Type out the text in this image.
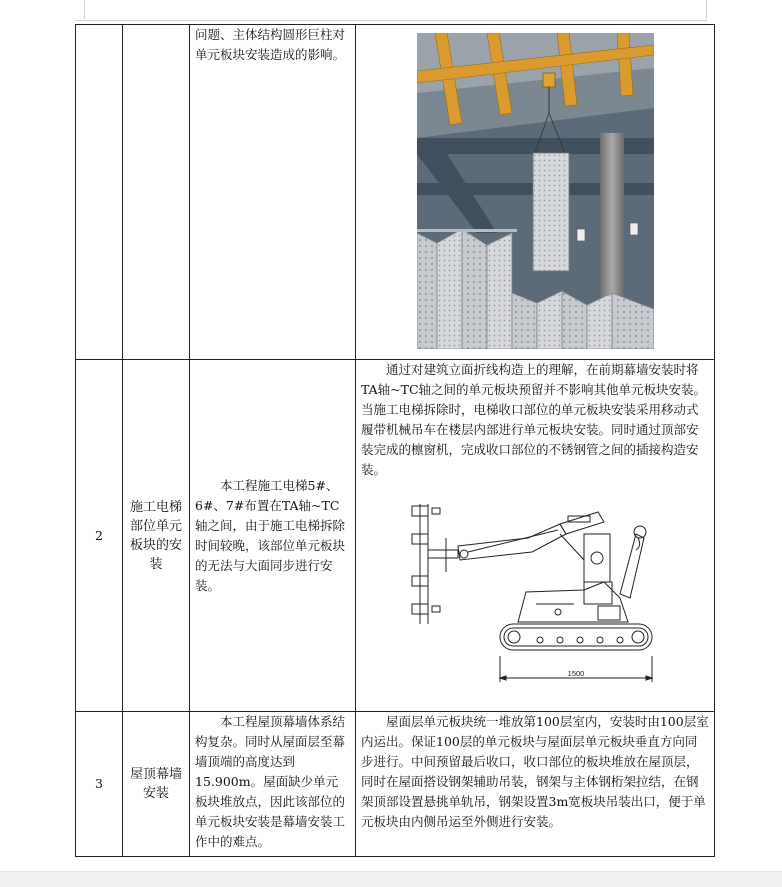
		问题、主体结构圆形巨柱对单元板块安装造成的影响。

2	施工电梯部位单元板块的安装	本工程施工电梯5#、6#、7#布置在TA轴~TC轴之间，由于施工电梯拆除时间较晚，该部位单元板块的无法与大面同步进行安装。	通过对建筑立面折线构造上的理解，在前期幕墙安装时将TA轴~TC轴之间的单元板块预留并不影响其他单元板块安装。当施工电梯拆除时，电梯收口部位的单元板块安装采用移动式履带机械吊车在楼层内部进行单元板块安装。同时通过顶部安装完成的檩窗机，完成收口部位的不锈钢管之间的插接构造安装。
1500

3	屋顶幕墙安装	本工程屋顶幕墙体系结构复杂。同时从屋面层至幕墙顶端的高度达到15.900m。屋面缺少单元板块堆放点，因此该部位的单元板块安装是幕墙安装工作中的难点。	屋面层单元板块统一堆放第100层室内，安装时由100层室内运出。保证100层的单元板块与屋面层单元板块垂直方向同步进行。中间预留最后收口，收口部位的板块堆放在屋顶层，同时在屋面搭设钢架辅助吊装，钢架与主体钢桁架拉结，在钢架顶部设置悬挑单轨吊，钢架设置3m宽板块吊装出口，便于单元板块由内侧吊运至外侧进行安装。
